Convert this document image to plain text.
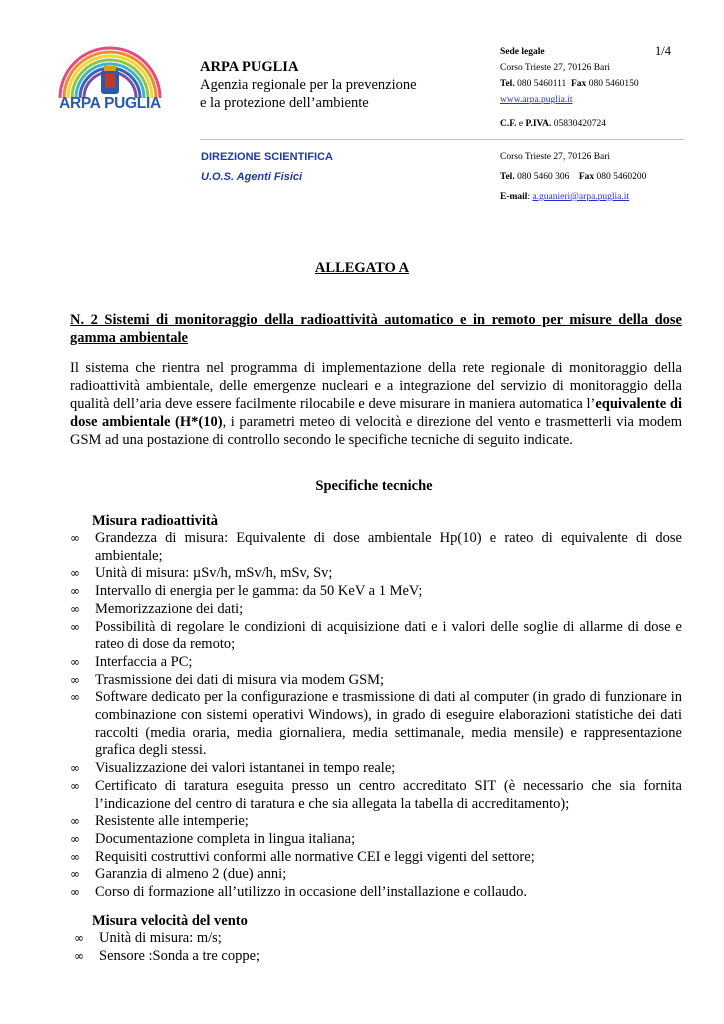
ARPA PUGLIA
ARPA PUGLIA
Agenzia regionale per la prevenzione
e la protezione dell’ambiente
1/4
Sede legale
Corso Trieste 27, 70126 Bari
Tel. 080 5460111 Fax 080 5460150
www.arpa.puglia.it
C.F. e P.IVA. 05830420724
DIREZIONE SCIENTIFICA
U.O.S. Agenti Fisici
Corso Trieste 27, 70126 Bari
Tel. 080 5460 306 Fax 080 5460200
E-mail: a.guanieri@arpa.puglia.it
ALLEGATO A
N. 2 Sistemi di monitoraggio della radioattività automatico e in remoto per misure della dose gamma ambientale
Il sistema che rientra nel programma di implementazione della rete regionale di monitoraggio della radioattività ambientale, delle emergenze nucleari e a integrazione del servizio di monitoraggio della qualità dell’aria deve essere facilmente rilocabile e deve misurare in maniera automatica l’equivalente di dose ambientale (H*(10), i parametri meteo di velocità e direzione del vento e trasmetterli via modem GSM ad una postazione di controllo secondo le specifiche tecniche di seguito indicate.
Specifiche tecniche
Misura radioattività
∞ Grandezza di misura: Equivalente di dose ambientale Hp(10) e rateo di equivalente di dose ambientale;
∞ Unità di misura: µSv/h, mSv/h, mSv, Sv;
∞ Intervallo di energia per le gamma: da 50 KeV a 1 MeV;
∞ Memorizzazione dei dati;
∞ Possibilità di regolare le condizioni di acquisizione dati e i valori delle soglie di allarme di dose e rateo di dose da remoto;
∞ Interfaccia a PC;
∞ Trasmissione dei dati di misura via modem GSM;
∞ Software dedicato per la configurazione e trasmissione di dati al computer (in grado di funzionare in combinazione con sistemi operativi Windows), in grado di eseguire elaborazioni statistiche dei dati raccolti (media oraria, media giornaliera, media settimanale, media mensile) e rappresentazione grafica degli stessi.
∞ Visualizzazione dei valori istantanei in tempo reale;
∞ Certificato di taratura eseguita presso un centro accreditato SIT (è necessario che sia fornita l’indicazione del centro di taratura e che sia allegata la tabella di accreditamento);
∞ Resistente alle intemperie;
∞ Documentazione completa in lingua italiana;
∞ Requisiti costruttivi conformi alle normative CEI e leggi vigenti del settore;
∞ Garanzia di almeno 2 (due) anni;
∞ Corso di formazione all’utilizzo in occasione dell’installazione e collaudo.
Misura velocità del vento
∞ Unità di misura: m/s;
∞ Sensore :Sonda a tre coppe;
